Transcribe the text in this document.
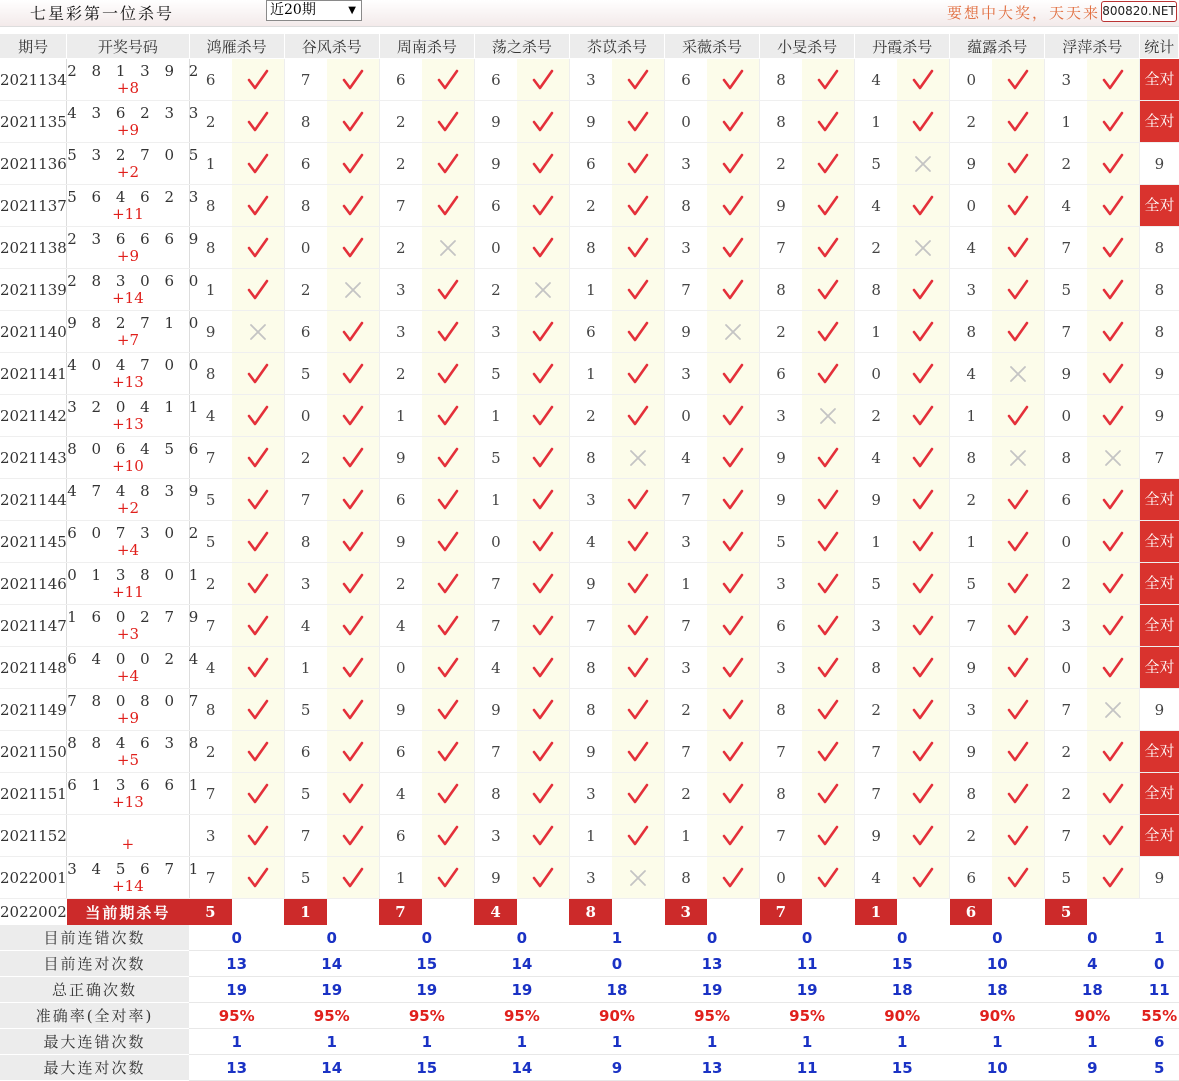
七星彩第一位杀号	近20期	▼	要想中大奖，天天来 800820.NET
期号	开奖号码	鸿雁杀号		谷风杀号		周南杀号		荡之杀号		苶苡杀号		采薇杀号		小旻杀号		丹霞杀号		蕴露杀号		浮萍杀号		统计
2021134	2 8 1 3 9 2
+8	6		7		6		6		3		6		8		4		0		3		全对
2021135	4 3 6 2 3 3
+9	2		8		2		9		9		0		8		1		2		1		全对
2021136	5 3 2 7 0 5
+2	1		6		2		9		6		3		2		5		9		2		9
2021137	5 6 4 6 2 3
+11	8		8		7		6		2		8		9		4		0		4		全对
2021138	2 3 6 6 6 9
+9	8		0		2		0		8		3		7		2		4		7		8
2021139	2 8 3 0 6 0
+14	1		2		3		2		1		7		8		8		3		5		8
2021140	9 8 2 7 1 0
+7	9		6		3		3		6		9		2		1		8		7		8
2021141	4 0 4 7 0 0
+13	8		5		2		5		1		3		6		0		4		9		9
2021142	3 2 0 4 1 1
+13	4		0		1		1		2		0		3		2		1		0		9
2021143	8 0 6 4 5 6
+10	7		2		9		5		8		4		9		4		8		8		7
2021144	4 7 4 8 3 9
+2	5		7		6		1		3		7		9		9		2		6		全对
2021145	6 0 7 3 0 2
+4	5		8		9		0		4		3		5		1		1		0		全对
2021146	0 1 3 8 0 1
+11	2		3		2		7		9		1		3		5		5		2		全对
2021147	1 6 0 2 7 9
+3	7		4		4		7		7		7		6		3		7		3		全对
2021148	6 4 0 0 2 4
+4	4		1		0		4		8		3		3		8		9		0		全对
2021149	7 8 0 8 0 7
+9	8		5		9		9		8		2		8		2		3		7		9
2021150	8 8 4 6 3 8
+5	2		6		6		7		9		7		7		7		9		2		全对
2021151	6 1 3 6 6 1
+13	7		5		4		8		3		2		8		7		8		2		全对
2021152	+	3		7		6		3		1		1		7		9		2		7		全对
2022001	3 4 5 6 7 1
+14	7		5		1		9		3		8		0		4		6		5		9
2022002	当前期杀号	5		1		7		4		8		3		7		1		6		5		
目前连错次数		0		0		0		0		1		0		0		0		0		0		1
目前连对次数		13		14		15		14		0		13		11		15		10		4		0
总正确次数		19		19		19		19		18		19		19		18		18		18		11
准确率(全对率)		95%		95%		95%		95%		90%		95%		95%		90%		90%		90%		55%
最大连错次数		1		1		1		1		1		1		1		1		1		1		6
最大连对次数		13		14		15		14		9		13		11		15		10		9		5
